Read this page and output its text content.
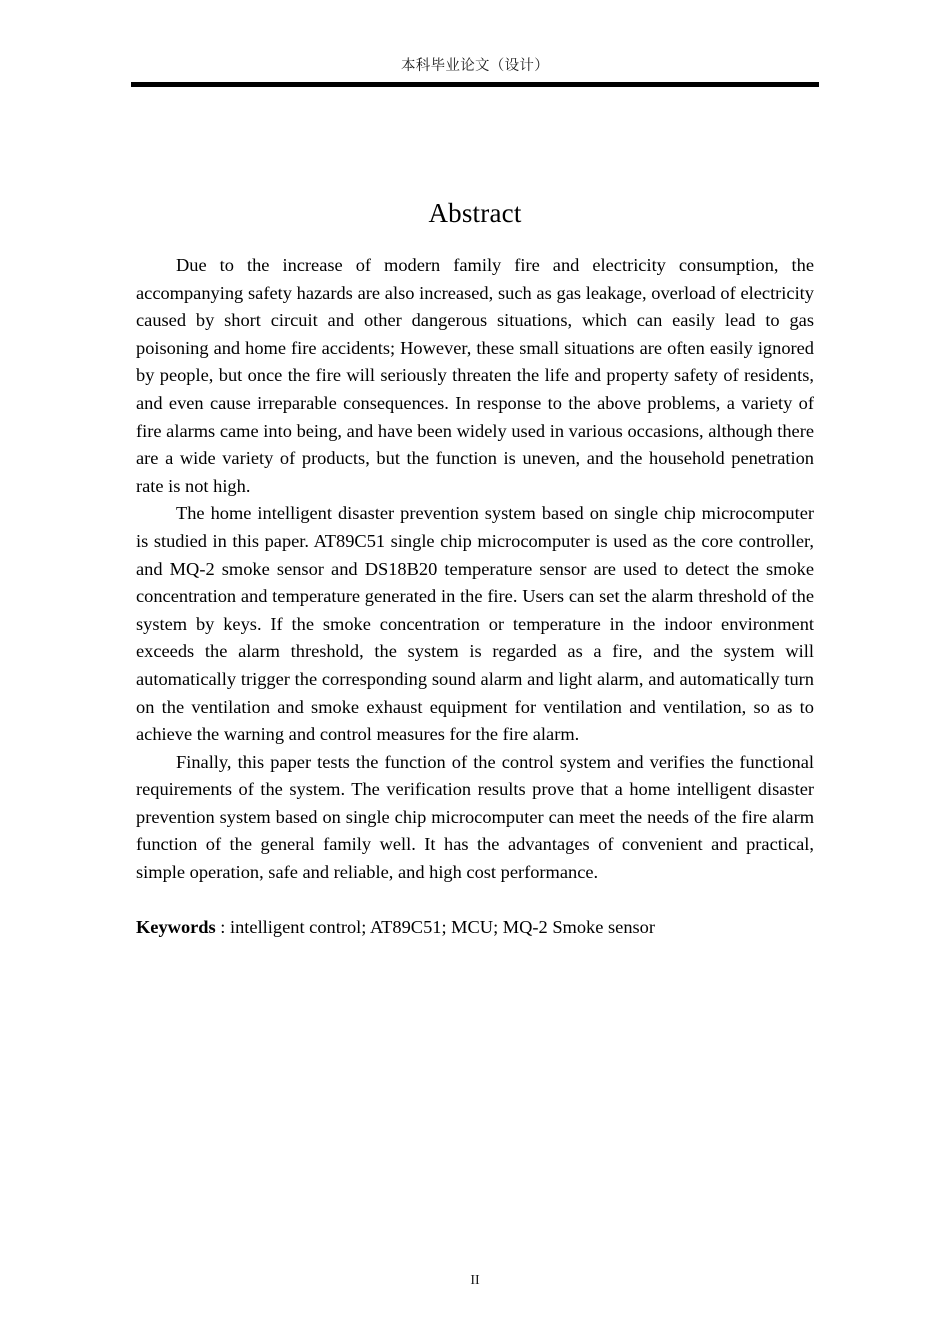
本科毕业论文（设计）
Abstract

Due to the increase of modern family fire and electricity consumption, the accompanying safety hazards are also increased, such as gas leakage, overload of electricity caused by short circuit and other dangerous situations, which can easily lead to gas poisoning and home fire accidents; However, these small situations are often easily ignored by people, but once the fire will seriously threaten the life and property safety of residents, and even cause irreparable consequences. In response to the above problems, a variety of fire alarms came into being, and have been widely used in various occasions, although there are a wide variety of products, but the function is uneven, and the household penetration rate is not high.

The home intelligent disaster prevention system based on single chip microcomputer is studied in this paper. AT89C51 single chip microcomputer is used as the core controller, and MQ-2 smoke sensor and DS18B20 temperature sensor are used to detect the smoke concentration and temperature generated in the fire. Users can set the alarm threshold of the system by keys. If the smoke concentration or temperature in the indoor environment exceeds the alarm threshold, the system is regarded as a fire, and the system will automatically trigger the corresponding sound alarm and light alarm, and automatically turn on the ventilation and smoke exhaust equipment for ventilation and ventilation, so as to achieve the warning and control measures for the fire alarm.

Finally, this paper tests the function of the control system and verifies the functional requirements of the system. The verification results prove that a home intelligent disaster prevention system based on single chip microcomputer can meet the needs of the fire alarm function of the general family well. It has the advantages of convenient and practical, simple operation, safe and reliable, and high cost performance.

Keywords : intelligent control; AT89C51; MCU; MQ-2 Smoke sensor

II
